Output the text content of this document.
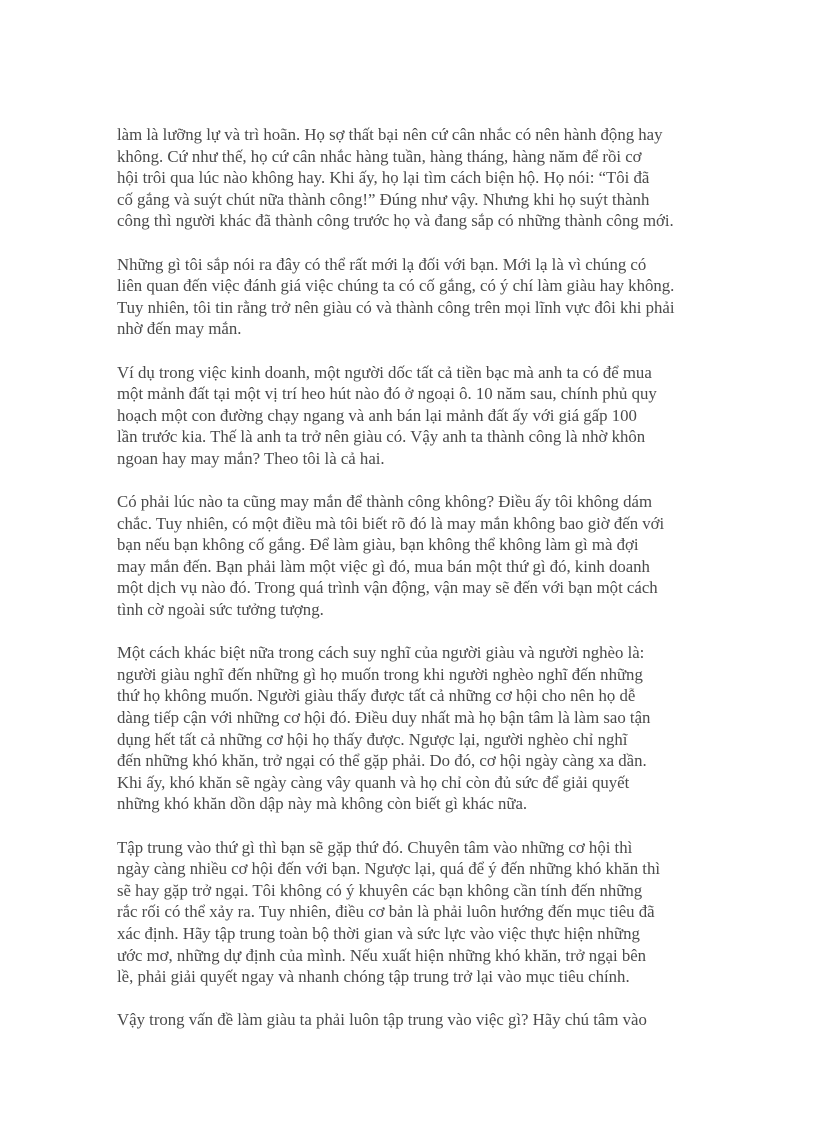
làm là lưỡng lự và trì hoãn. Họ sợ thất bại nên cứ cân nhắc có nên hành động hay
không. Cứ như thế, họ cứ cân nhắc hàng tuần, hàng tháng, hàng năm để rồi cơ
hội trôi qua lúc nào không hay. Khi ấy, họ lại tìm cách biện hộ. Họ nói: “Tôi đã
cố gắng và suýt chút nữa thành công!” Đúng như vậy. Nhưng khi họ suýt thành
công thì người khác đã thành công trước họ và đang sắp có những thành công mới.

Những gì tôi sắp nói ra đây có thể rất mới lạ đối với bạn. Mới lạ là vì chúng có
liên quan đến việc đánh giá việc chúng ta có cố gắng, có ý chí làm giàu hay không.
Tuy nhiên, tôi tin rằng trở nên giàu có và thành công trên mọi lĩnh vực đôi khi phải
nhờ đến may mắn.

Ví dụ trong việc kinh doanh, một người dốc tất cả tiền bạc mà anh ta có để mua
một mảnh đất tại một vị trí heo hút nào đó ở ngoại ô. 10 năm sau, chính phủ quy
hoạch một con đường chạy ngang và anh bán lại mảnh đất ấy với giá gấp 100
lần trước kia. Thế là anh ta trở nên giàu có. Vậy anh ta thành công là nhờ khôn
ngoan hay may mắn? Theo tôi là cả hai.

Có phải lúc nào ta cũng may mắn để thành công không? Điều ấy tôi không dám
chắc. Tuy nhiên, có một điều mà tôi biết rõ đó là may mắn không bao giờ đến với
bạn nếu bạn không cố gắng. Để làm giàu, bạn không thể không làm gì mà đợi
may mắn đến. Bạn phải làm một việc gì đó, mua bán một thứ gì đó, kinh doanh
một dịch vụ nào đó. Trong quá trình vận động, vận may sẽ đến với bạn một cách
tình cờ ngoài sức tưởng tượng.

Một cách khác biệt nữa trong cách suy nghĩ của người giàu và người nghèo là:
người giàu nghĩ đến những gì họ muốn trong khi người nghèo nghĩ đến những
thứ họ không muốn. Người giàu thấy được tất cả những cơ hội cho nên họ dễ
dàng tiếp cận với những cơ hội đó. Điều duy nhất mà họ bận tâm là làm sao tận
dụng hết tất cả những cơ hội họ thấy được. Ngược lại, người nghèo chỉ nghĩ
đến những khó khăn, trở ngại có thể gặp phải. Do đó, cơ hội ngày càng xa dần.
Khi ấy, khó khăn sẽ ngày càng vây quanh và họ chỉ còn đủ sức để giải quyết
những khó khăn dồn dập này mà không còn biết gì khác nữa.

Tập trung vào thứ gì thì bạn sẽ gặp thứ đó. Chuyên tâm vào những cơ hội thì
ngày càng nhiều cơ hội đến với bạn. Ngược lại, quá để ý đến những khó khăn thì
sẽ hay gặp trở ngại. Tôi không có ý khuyên các bạn không cần tính đến những
rắc rối có thể xảy ra. Tuy nhiên, điều cơ bản là phải luôn hướng đến mục tiêu đã
xác định. Hãy tập trung toàn bộ thời gian và sức lực vào việc thực hiện những
ước mơ, những dự định của mình. Nếu xuất hiện những khó khăn, trở ngại bên
lề, phải giải quyết ngay và nhanh chóng tập trung trở lại vào mục tiêu chính.

Vậy trong vấn đề làm giàu ta phải luôn tập trung vào việc gì? Hãy chú tâm vào
